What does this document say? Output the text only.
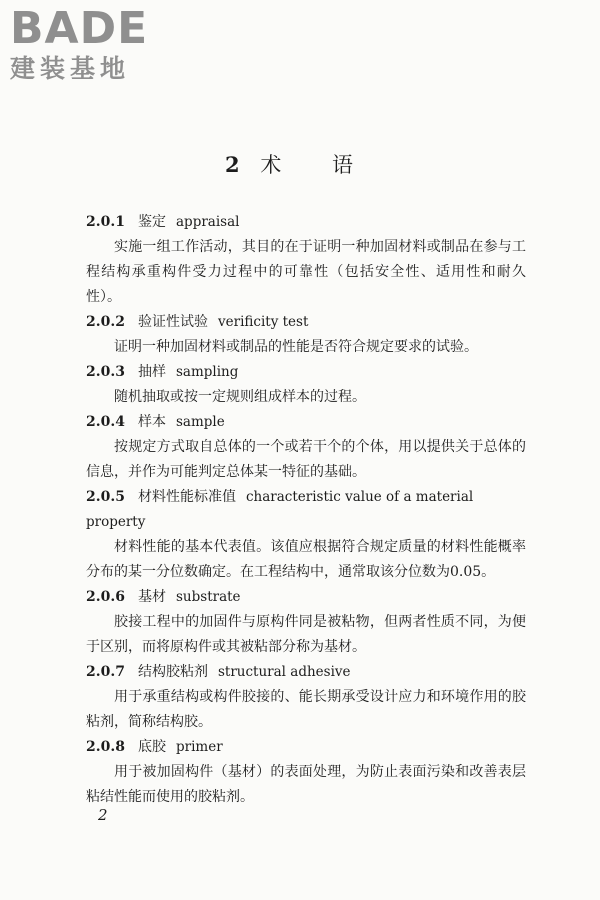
BADE
建装基地
2 术 语
2.0.1 鉴定 appraisal

实施一组工作活动，其目的在于证明一种加固材料或制品在参与工程结构承重构件受力过程中的可靠性（包括安全性、适用性和耐久性）。

2.0.2 验证性试验 verificity test

证明一种加固材料或制品的性能是否符合规定要求的试验。

2.0.3 抽样 sampling

随机抽取或按一定规则组成样本的过程。

2.0.4 样本 sample

按规定方式取自总体的一个或若干个的个体，用以提供关于总体的信息，并作为可能判定总体某一特征的基础。

2.0.5 材料性能标准值 characteristic value of a material property

材料性能的基本代表值。该值应根据符合规定质量的材料性能概率分布的某一分位数确定。在工程结构中，通常取该分位数为0.05。

2.0.6 基材 substrate

胶接工程中的加固件与原构件同是被粘物，但两者性质不同，为便于区别，而将原构件或其被粘部分称为基材。

2.0.7 结构胶粘剂 structural adhesive

用于承重结构或构件胶接的、能长期承受设计应力和环境作用的胶粘剂，简称结构胶。

2.0.8 底胶 primer

用于被加固构件（基材）的表面处理，为防止表面污染和改善表层粘结性能而使用的胶粘剂。

2
